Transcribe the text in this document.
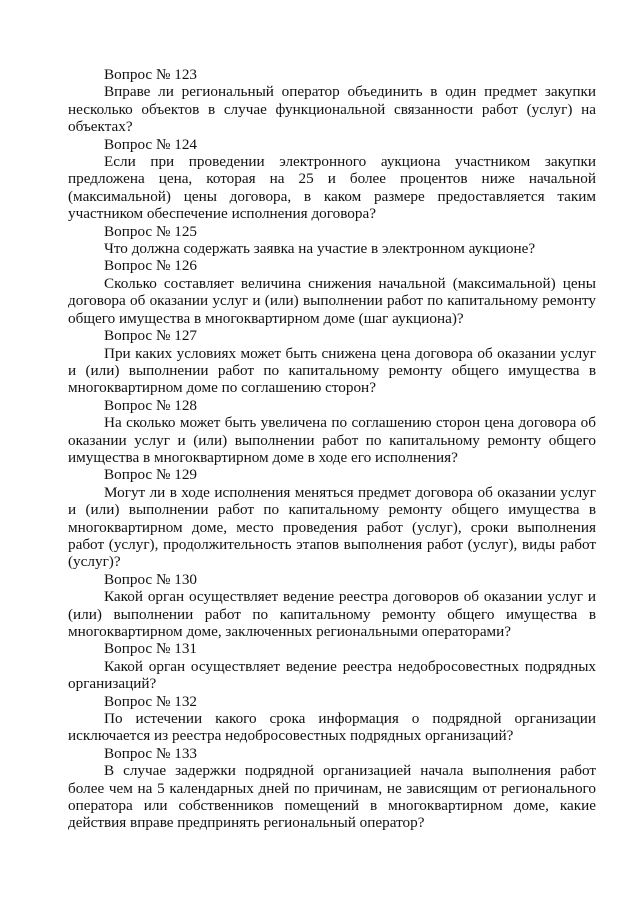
Вопрос № 123

Вправе ли региональный оператор объединить в один предмет закупки несколько объектов в случае функциональной связанности работ (услуг) на объектах?

Вопрос № 124

Если при проведении электронного аукциона участником закупки предложена цена, которая на 25 и более процентов ниже начальной (максимальной) цены договора, в каком размере предоставляется таким участником обеспечение исполнения договора?

Вопрос № 125

Что должна содержать заявка на участие в электронном аукционе?

Вопрос № 126

Сколько составляет величина снижения начальной (максимальной) цены договора об оказании услуг и (или) выполнении работ по капитальному ремонту общего имущества в многоквартирном доме (шаг аукциона)?

Вопрос № 127

При каких условиях может быть снижена цена договора об оказании услуг и (или) выполнении работ по капитальному ремонту общего имущества в многоквартирном доме по соглашению сторон?

Вопрос № 128

На сколько может быть увеличена по соглашению сторон цена договора об оказании услуг и (или) выполнении работ по капитальному ремонту общего имущества в многоквартирном доме в ходе его исполнения?

Вопрос № 129

Могут ли в ходе исполнения меняться предмет договора об оказании услуг и (или) выполнении работ по капитальному ремонту общего имущества в многоквартирном доме, место проведения работ (услуг), сроки выполнения работ (услуг), продолжительность этапов выполнения работ (услуг), виды работ (услуг)?

Вопрос № 130

Какой орган осуществляет ведение реестра договоров об оказании услуг и (или) выполнении работ по капитальному ремонту общего имущества в многоквартирном доме, заключенных региональными операторами?

Вопрос № 131

Какой орган осуществляет ведение реестра недобросовестных подрядных организаций?

Вопрос № 132

По истечении какого срока информация о подрядной организации исключается из реестра недобросовестных подрядных организаций?

Вопрос № 133

В случае задержки подрядной организацией начала выполнения работ более чем на 5 календарных дней по причинам, не зависящим от регионального оператора или собственников помещений в многоквартирном доме, какие действия вправе предпринять региональный оператор?
